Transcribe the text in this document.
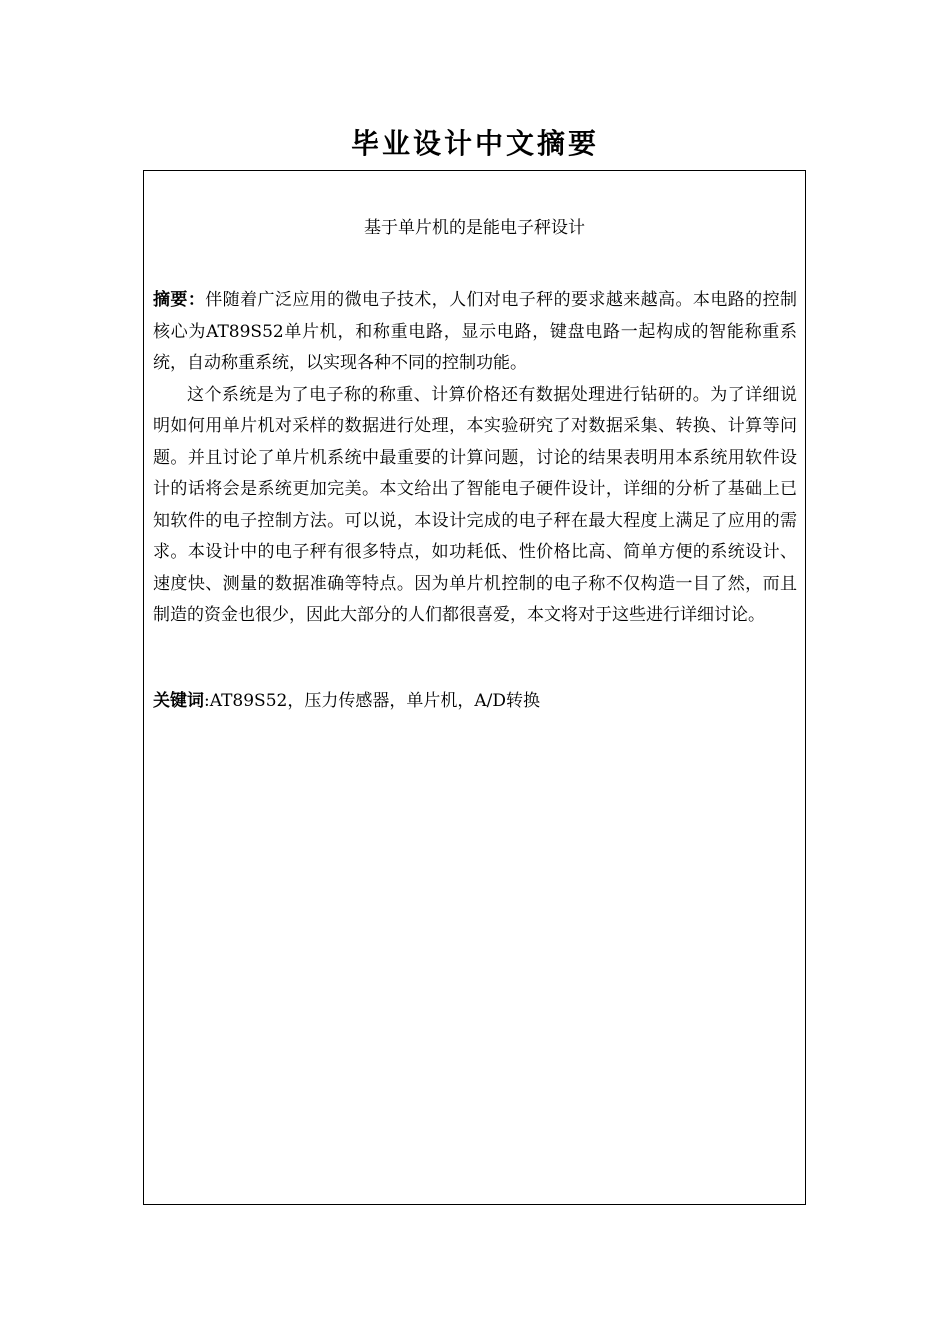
毕业设计中文摘要
基于单片机的是能电子秤设计

摘要：伴随着广泛应用的微电子技术，人们对电子秤的要求越来越高。本电路的控制核心为AT89S52单片机，和称重电路，显示电路，键盘电路一起构成的智能称重系统，自动称重系统，以实现各种不同的控制功能。

这个系统是为了电子称的称重、计算价格还有数据处理进行钻研的。为了详细说明如何用单片机对采样的数据进行处理，本实验研究了对数据采集、转换、计算等问题。并且讨论了单片机系统中最重要的计算问题，讨论的结果表明用本系统用软件设计的话将会是系统更加完美。本文给出了智能电子硬件设计，详细的分析了基础上已知软件的电子控制方法。可以说，本设计完成的电子秤在最大程度上满足了应用的需求。本设计中的电子秤有很多特点，如功耗低、性价格比高、简单方便的系统设计、速度快、测量的数据准确等特点。因为单片机控制的电子称不仅构造一目了然，而且制造的资金也很少，因此大部分的人们都很喜爱，本文将对于这些进行详细讨论。

关键词:AT89S52，压力传感器，单片机，A/D转换
